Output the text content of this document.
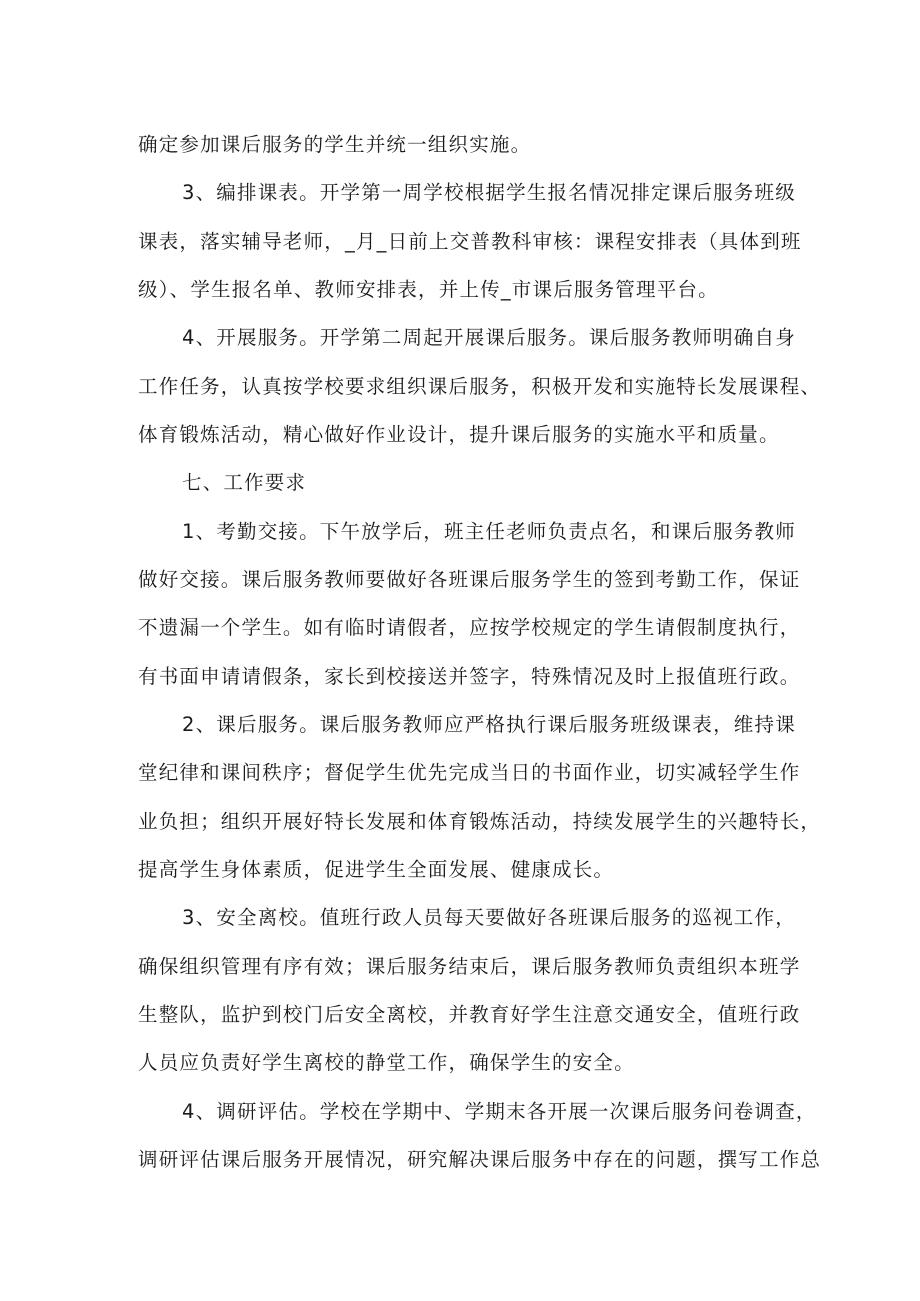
确定参加课后服务的学生并统一组织实施。
3、编排课表。开学第一周学校根据学生报名情况排定课后服务班级
课表，落实辅导老师，_月_日前上交普教科审核：课程安排表（具体到班
级）、学生报名单、教师安排表，并上传_市课后服务管理平台。
4、开展服务。开学第二周起开展课后服务。课后服务教师明确自身
工作任务，认真按学校要求组织课后服务，积极开发和实施特长发展课程、
体育锻炼活动，精心做好作业设计，提升课后服务的实施水平和质量。
七、工作要求
1、考勤交接。下午放学后，班主任老师负责点名，和课后服务教师
做好交接。课后服务教师要做好各班课后服务学生的签到考勤工作，保证
不遗漏一个学生。如有临时请假者，应按学校规定的学生请假制度执行，
有书面申请请假条，家长到校接送并签字，特殊情况及时上报值班行政。
2、课后服务。课后服务教师应严格执行课后服务班级课表，维持课
堂纪律和课间秩序；督促学生优先完成当日的书面作业，切实减轻学生作
业负担；组织开展好特长发展和体育锻炼活动，持续发展学生的兴趣特长，
提高学生身体素质，促进学生全面发展、健康成长。
3、安全离校。值班行政人员每天要做好各班课后服务的巡视工作，
确保组织管理有序有效；课后服务结束后，课后服务教师负责组织本班学
生整队，监护到校门后安全离校，并教育好学生注意交通安全，值班行政
人员应负责好学生离校的静堂工作，确保学生的安全。
4、调研评估。学校在学期中、学期末各开展一次课后服务问卷调查，
调研评估课后服务开展情况，研究解决课后服务中存在的问题，撰写工作总
